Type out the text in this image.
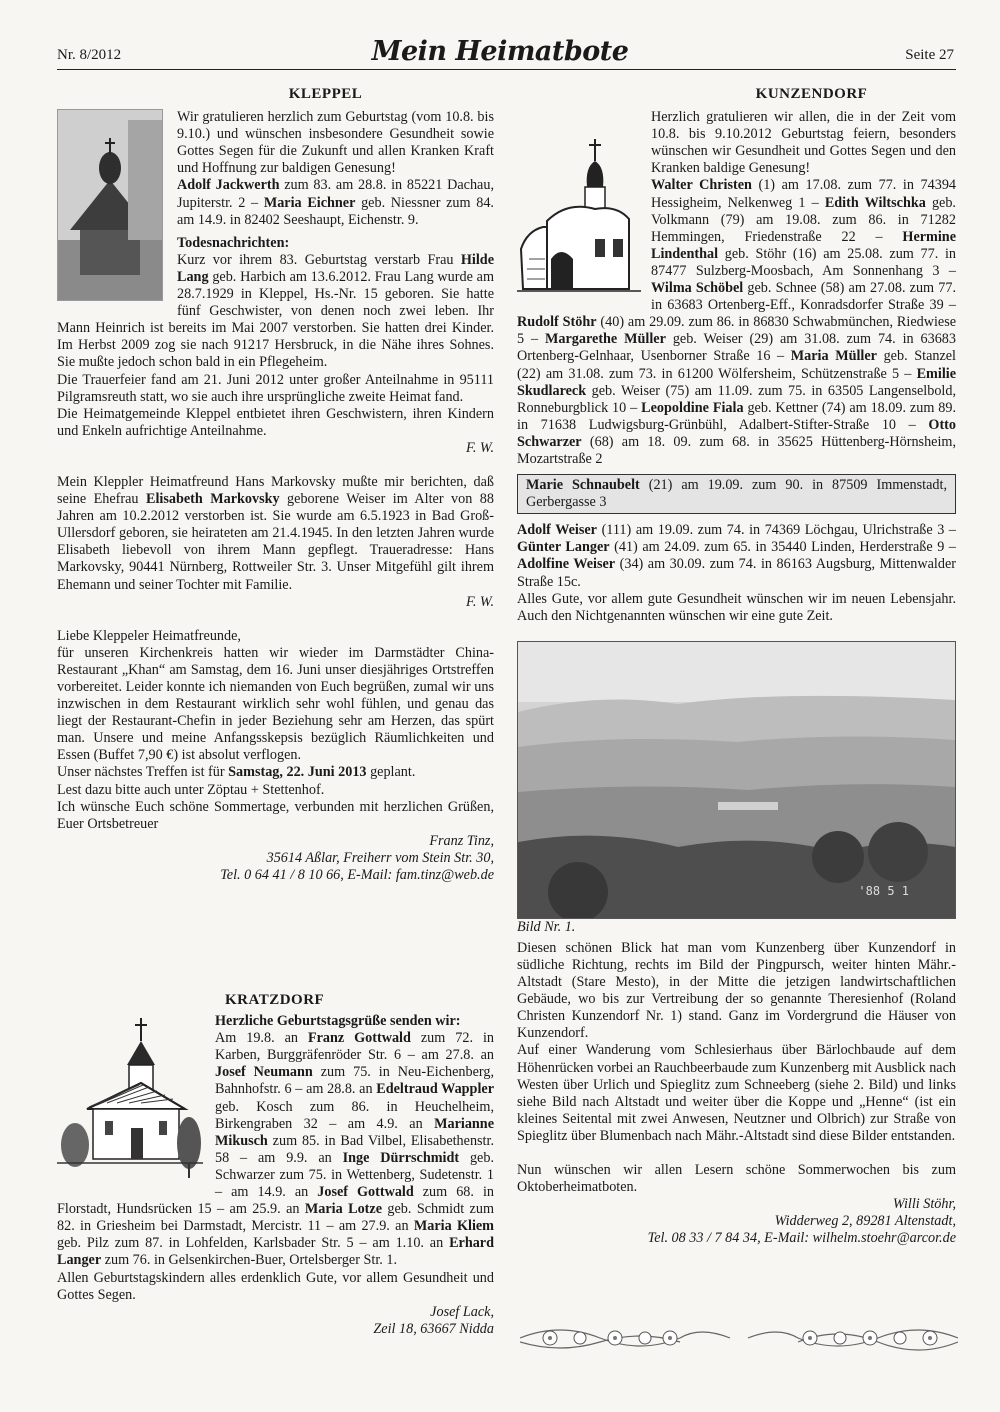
Nr. 8/2012	Mein Heimatbote	Seite 27
KLEPPEL

Wir gratulieren herzlich zum Geburtstag (vom 10.8. bis 9.10.) und wünschen insbesondere Gesundheit sowie Gottes Segen für die Zukunft und allen Kranken Kraft und Hoffnung zur baldigen Genesung!

Adolf Jackwerth zum 83. am 28.8. in 85221 Dachau, Jupiterstr. 2 – Maria Eichner geb. Niessner zum 84. am 14.9. in 82402 Seeshaupt, Eichenstr. 9.

Todesnachrichten:

Kurz vor ihrem 83. Geburtstag verstarb Frau Hilde Lang geb. Harbich am 13.6.2012. Frau Lang wurde am 28.7.1929 in Kleppel, Hs.-Nr. 15 geboren. Sie hatte fünf Geschwister, von denen noch zwei leben. Ihr Mann Heinrich ist bereits im Mai 2007 verstorben. Sie hatten drei Kinder. Im Herbst 2009 zog sie nach 91217 Hersbruck, in die Nähe ihres Sohnes. Sie mußte jedoch schon bald in ein Pflegeheim.

Die Trauerfeier fand am 21. Juni 2012 unter großer Anteilnahme in 95111 Pilgramsreuth statt, wo sie auch ihre ursprüngliche zweite Heimat fand.

Die Heimatgemeinde Kleppel entbietet ihren Geschwistern, ihren Kindern und Enkeln aufrichtige Anteilnahme.

F. W.

Mein Kleppler Heimatfreund Hans Markovsky mußte mir berichten, daß seine Ehefrau Elisabeth Markovsky geborene Weiser im Alter von 88 Jahren am 10.2.2012 verstorben ist. Sie wurde am 6.5.1923 in Bad Groß-Ullersdorf geboren, sie heirateten am 21.4.1945. In den letzten Jahren wurde Elisabeth liebevoll von ihrem Mann gepflegt. Traueradresse: Hans Markovsky, 90441 Nürnberg, Rottweiler Str. 3. Unser Mitgefühl gilt ihrem Ehemann und seiner Tochter mit Familie.

F. W.

Liebe Kleppeler Heimatfreunde,

für unseren Kirchenkreis hatten wir wieder im Darmstädter China-Restaurant „Khan“ am Samstag, dem 16. Juni unser diesjähriges Ortstreffen vorbereitet. Leider konnte ich niemanden von Euch begrüßen, zumal wir uns inzwischen in dem Restaurant wirklich sehr wohl fühlen, und genau das liegt der Restaurant-Chefin in jeder Beziehung sehr am Herzen, das spürt man. Unsere und meine Anfangsskepsis bezüglich Räumlichkeiten und Essen (Buffet 7,90 €) ist absolut verflogen.

Unser nächstes Treffen ist für Samstag, 22. Juni 2013 geplant.

Lest dazu bitte auch unter Zöptau + Stettenhof.

Ich wünsche Euch schöne Sommertage, verbunden mit herzlichen Grüßen, Euer Ortsbetreuer

Franz Tinz,

35614 Aßlar, Freiherr vom Stein Str. 30,

Tel. 0 64 41 / 8 10 66, E-Mail: fam.tinz@web.de

KRATZDORF

Herzliche Geburtstagsgrüße senden wir:

Am 19.8. an Franz Gottwald zum 72. in Karben, Burggräfenröder Str. 6 – am 27.8. an Josef Neumann zum 75. in Neu-Eichenberg, Bahnhofstr. 6 – am 28.8. an Edeltraud Wappler geb. Kosch zum 86. in Heuchelheim, Birkengraben 32 – am 4.9. an Marianne Mikusch zum 85. in Bad Vilbel, Elisabethenstr. 58 – am 9.9. an Inge Dürrschmidt geb. Schwarzer zum 75. in Wettenberg, Sudetenstr. 1 – am 14.9. an Josef Gottwald zum 68. in Florstadt, Hundsrücken 15 – am 25.9. an Maria Lotze geb. Schmidt zum 82. in Griesheim bei Darmstadt, Mercistr. 11 – am 27.9. an Maria Kliem geb. Pilz zum 87. in Lohfelden, Karlsbader Str. 5 – am 1.10. an Erhard Langer zum 76. in Gelsenkirchen-Buer, Ortelsberger Str. 1.

Allen Geburtstagskindern alles erdenklich Gute, vor allem Gesundheit und Gottes Segen.

Josef Lack,

Zeil 18, 63667 Nidda

KUNZENDORF

Herzlich gratulieren wir allen, die in der Zeit vom 10.8. bis 9.10.2012 Geburtstag feiern, besonders wünschen wir Gesundheit und Gottes Segen und den Kranken baldige Genesung!

Walter Christen (1) am 17.08. zum 77. in 74394 Hessigheim, Nelkenweg 1 – Edith Wiltschka geb. Volkmann (79) am 19.08. zum 86. in 71282 Hemmingen, Friedenstraße 22 – Hermine Lindenthal geb. Stöhr (16) am 25.08. zum 77. in 87477 Sulzberg-Moosbach, Am Sonnenhang 3 – Wilma Schöbel geb. Schnee (58) am 27.08. zum 77. in 63683 Ortenberg-Eff., Konradsdorfer Straße 39 – Rudolf Stöhr (40) am 29.09. zum 86. in 86830 Schwabmünchen, Riedwiese 5 – Margarethe Müller geb. Weiser (29) am 31.08. zum 74. in 63683 Ortenberg-Gelnhaar, Usenborner Straße 16 – Maria Müller geb. Stanzel (22) am 31.08. zum 73. in 61200 Wölfersheim, Schützenstraße 5 – Emilie Skudlareck geb. Weiser (75) am 11.09. zum 75. in 63505 Langenselbold, Ronneburgblick 10 – Leopoldine Fiala geb. Kettner (74) am 18.09. zum 89. in 71638 Ludwigsburg-Grünbühl, Adalbert-Stifter-Straße 10 – Otto Schwarzer (68) am 18. 09. zum 68. in 35625 Hüttenberg-Hörnsheim, Mozartstraße 2

Marie Schnaubelt (21) am 19.09. zum 90. in 87509 Immenstadt, Gerbergasse 3

Adolf Weiser (111) am 19.09. zum 74. in 74369 Löchgau, Ulrichstraße 3 – Günter Langer (41) am 24.09. zum 65. in 35440 Linden, Herderstraße 9 – Adolfine Weiser (34) am 30.09. zum 74. in 86163 Augsburg, Mittenwalder Straße 15c.

Alles Gute, vor allem gute Gesundheit wünschen wir im neuen Lebensjahr. Auch den Nichtgenannten wünschen wir eine gute Zeit.

'88 5 1

Bild Nr. 1.

Diesen schönen Blick hat man vom Kunzenberg über Kunzendorf in südliche Richtung, rechts im Bild der Pingpursch, weiter hinten Mähr.-Altstadt (Stare Mesto), in der Mitte die jetzigen landwirtschaftlichen Gebäude, wo bis zur Vertreibung der so genannte Theresienhof (Roland Christen Kunzendorf Nr. 1) stand. Ganz im Vordergrund die Häuser von Kunzendorf.

Auf einer Wanderung vom Schlesierhaus über Bärlochbaude auf dem Höhenrücken vorbei an Rauchbeerbaude zum Kunzenberg mit Ausblick nach Westen über Urlich und Spieglitz zum Schneeberg (siehe 2. Bild) und links siehe Bild nach Altstadt und weiter über die Koppe und „Henne“ (ist ein kleines Seitental mit zwei Anwesen, Neutzner und Olbrich) zur Straße von Spieglitz über Blumenbach nach Mähr.-Altstadt sind diese Bilder entstanden.

Nun wünschen wir allen Lesern schöne Sommerwochen bis zum Oktoberheimatboten.

Willi Stöhr,

Widderweg 2, 89281 Altenstadt,

Tel. 08 33 / 7 84 34, E-Mail: wilhelm.stoehr@arcor.de
